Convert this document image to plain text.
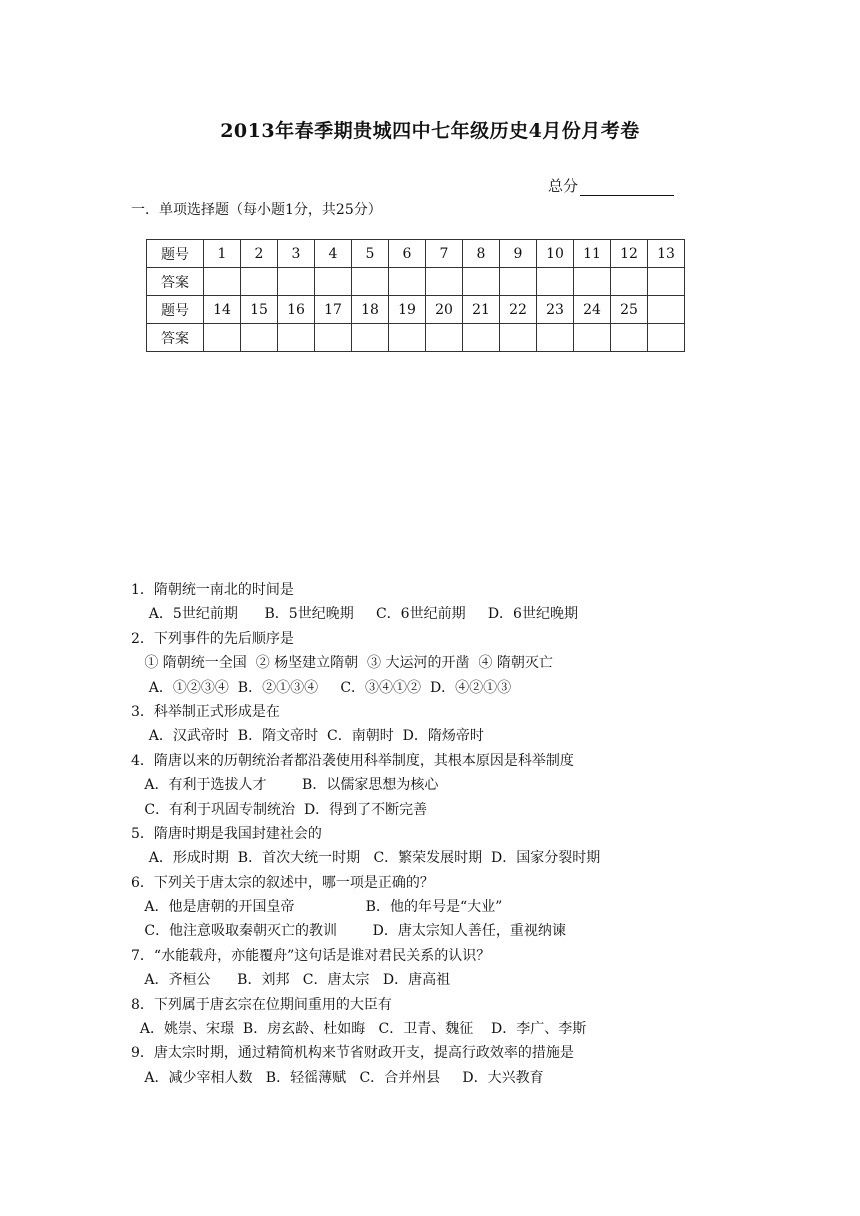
2013年春季期贵城四中七年级历史4月份月考卷
总分
一．单项选择题（每小题1分，共25分）
题号	1	2	3	4	5	6	7	8	9	10	11	12	13
答案													
题号	14	15	16	17	18	19	20	21	22	23	24	25	
答案													
1．隋朝统一南北的时间是
A．5世纪前期      B．5世纪晚期     C．6世纪前期     D．6世纪晚期
2．下列事件的先后顺序是
① 隋朝统一全国  ② 杨坚建立隋朝  ③ 大运河的开凿  ④ 隋朝灭亡
A．①②③④  B．②①③④     C．③④①②  D．④②①③
3．科举制正式形成是在
A．汉武帝时  B．隋文帝时  C．南朝时  D．隋炀帝时
4．隋唐以来的历朝统治者都沿袭使用科举制度，其根本原因是科举制度
A．有利于选拔人才        B．以儒家思想为核心
C．有利于巩固专制统治  D．得到了不断完善
5．隋唐时期是我国封建社会的
A．形成时期  B．首次大统一时期   C．繁荣发展时期  D．国家分裂时期
6．下列关于唐太宗的叙述中，哪一项是正确的？
A．他是唐朝的开国皇帝                B．他的年号是“大业”
C．他注意吸取秦朝灭亡的教训        D．唐太宗知人善任，重视纳谏
7．“水能载舟，亦能覆舟”这句话是谁对君民关系的认识？
A．齐桓公      B．刘邦   C．唐太宗   D．唐高祖
8．下列属于唐玄宗在位期间重用的大臣有
A．姚崇、宋璟  B．房玄龄、杜如晦   C．卫青、魏征    D．李广、李斯
9．唐太宗时期，通过精简机构来节省财政开支，提高行政效率的措施是
A．减少宰相人数   B．轻徭薄赋   C．合并州县     D．大兴教育
